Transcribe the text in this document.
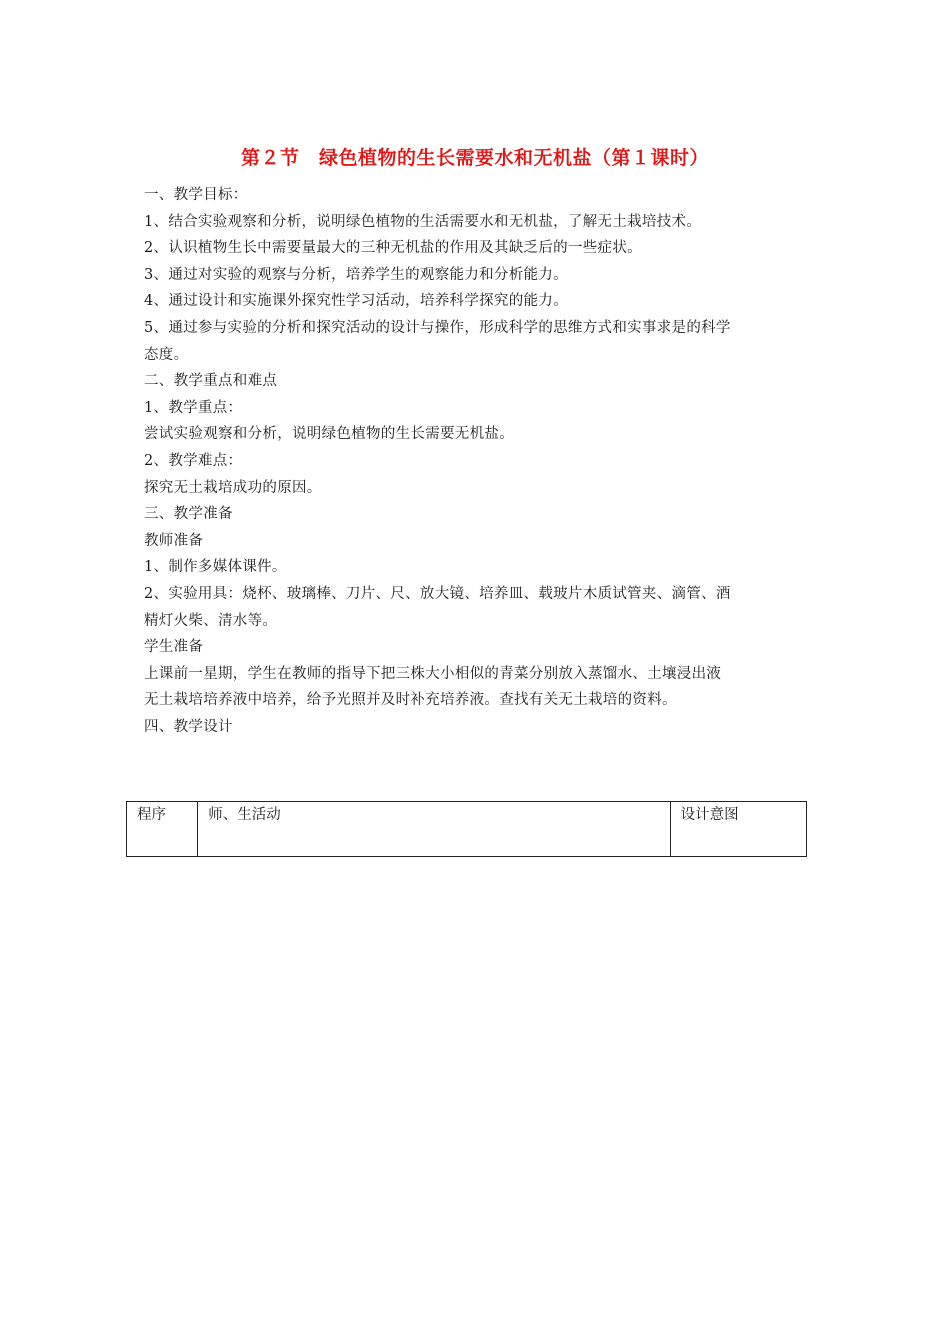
第２节　绿色植物的生长需要水和无机盐（第１课时）
一、教学目标：
1、结合实验观察和分析，说明绿色植物的生活需要水和无机盐，了解无土栽培技术。
2、认识植物生长中需要量最大的三种无机盐的作用及其缺乏后的一些症状。
3、通过对实验的观察与分析，培养学生的观察能力和分析能力。
4、通过设计和实施课外探究性学习活动，培养科学探究的能力。
5、通过参与实验的分析和探究活动的设计与操作，形成科学的思维方式和实事求是的科学
态度。
二、教学重点和难点
1、教学重点：
尝试实验观察和分析，说明绿色植物的生长需要无机盐。
2、教学难点：
探究无土栽培成功的原因。
三、教学准备
教师准备
1、制作多媒体课件。
2、实验用具：烧杯、玻璃棒、刀片、尺、放大镜、培养皿、载玻片木质试管夹、滴管、酒
精灯火柴、清水等。
学生准备
上课前一星期，学生在教师的指导下把三株大小相似的青菜分别放入蒸馏水、土壤浸出液
无土栽培培养液中培养，给予光照并及时补充培养液。查找有关无土栽培的资料。
四、教学设计
程序	师、生活动	设计意图
